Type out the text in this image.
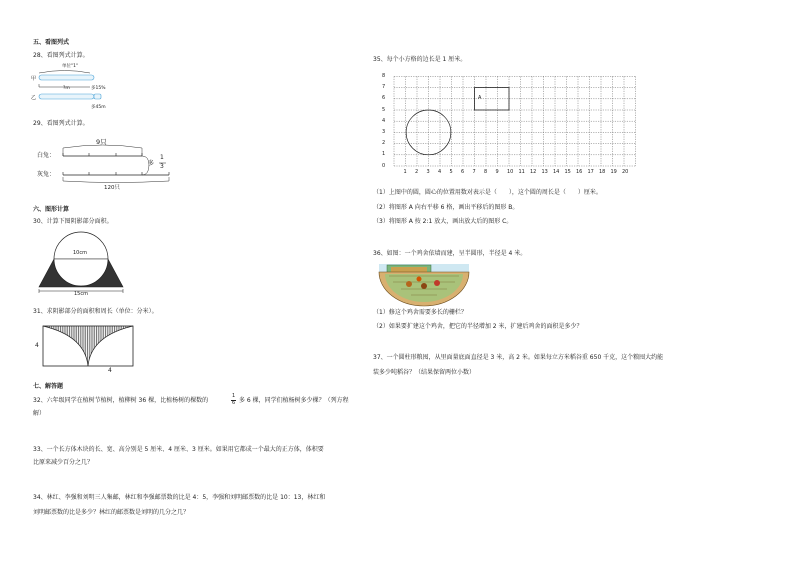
五、看图列式
28、看图列式计算。
单位"1"
甲
乙
?m	多15%
多45m
29、看图列式计算。
9只
白兔：
灰兔：
多
1
3
120只
六、图形计算
30、计算下图阴影部分面积。
10cm
15cm
31、求阴影部分的面积和周长（单位：分米）。
4
4
七、解答题
32、六年级同学在植树节植树，植柳树 36 棵，比植杨树的棵数的
1
6 多 6 棵，同学们植杨树多少棵？（列方程
解）
33、一个长方体木块的长、宽、高分别是 5 厘米、4 厘米、3 厘米。如果用它都成一个最大的正方体，体积要
比原来减少百分之几？
34、林红、李强和刘明三人集邮，林红和李强邮票数的比是 4：5，李强和刘明邮票数的比是 10：13，林红和
刘明邮票数的比是多少？林红的邮票数是刘明的几分之几？
35、每个小方格的边长是 1 厘米。
8
7
6
5
4
3
2
1
0
1 2 3 4 5 6 7 8 9 10 11 12 13 14 15 16 17 18 19 20
A
（1）上图中的圆，圆心的位置用数对表示是（　　），这个圆的周长是（　　）厘米。
（2）将图形 A 向右平移 6 格，画出平移后的图形 B。
（3）将图形 A 按 2:1 放大，画出放大后的图形 C。
36、如图：一个鸡舍依墙而建，呈半圆形，半径是 4 米。
（1）修这个鸡舍需要多长的栅栏？
（2）如果要扩建这个鸡舍，把它的半径增加 2 米，扩建后鸡舍的面积是多少？
37、一个圆柱形粮囤，从里面量底面直径是 3 米，高 2 米。如果每立方米稻谷重 650 千克，这个粮囤大约能
装多少吨稻谷？（结果保留两位小数）
